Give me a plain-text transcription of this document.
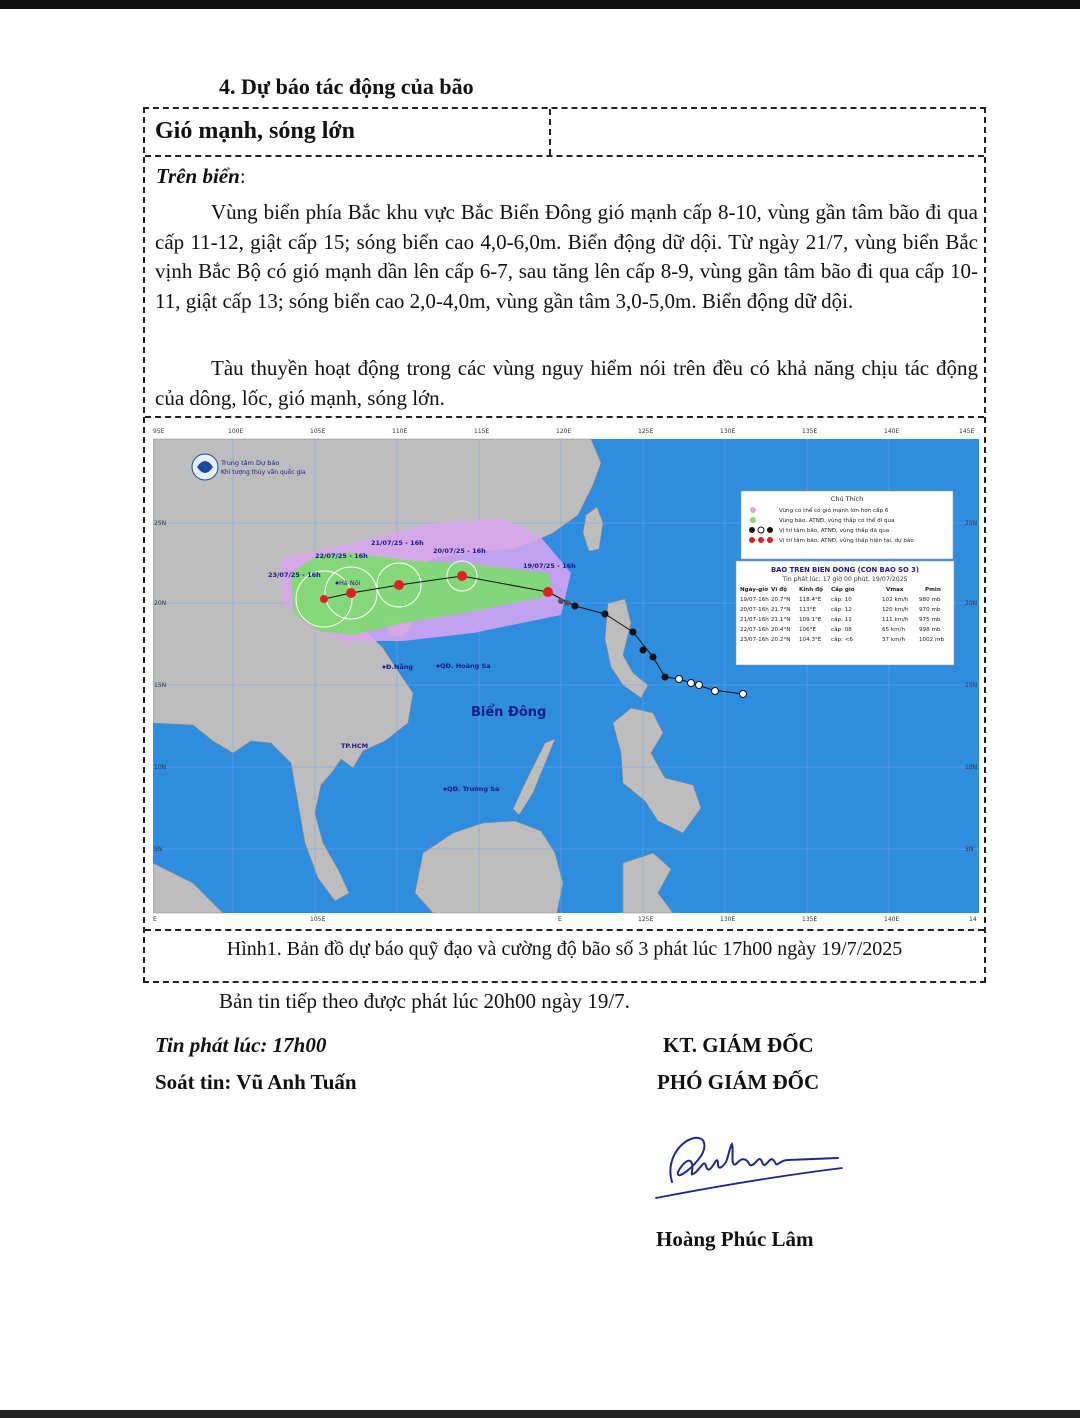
4. Dự báo tác động của bão
Gió mạnh, sóng lớn
Trên biển:
Vùng biển phía Bắc khu vực Bắc Biển Đông gió mạnh cấp 8-10, vùng gần tâm bão đi qua cấp 11-12, giật cấp 15; sóng biển cao 4,0-6,0m. Biển động dữ dội. Từ ngày 21/7, vùng biển Bắc vịnh Bắc Bộ có gió mạnh dần lên cấp 6-7, sau tăng lên cấp 8-9, vùng gần tâm bão đi qua cấp 10-11, giật cấp 13; sóng biển cao 2,0-4,0m, vùng gần tâm 3,0-5,0m. Biển động dữ dội.
Tàu thuyền hoạt động trong các vùng nguy hiểm nói trên đều có khả năng chịu tác động của dông, lốc, gió mạnh, sóng lớn.
95E	100E	105E	110E	115E	120E	125E	130E	135E	140E	145E
E	105E	E	125E	130E	135E	140E	14
25N
20N
15N
10N
5N
25N
20N
15N
10N
5N
19/07/25 - 16h
20/07/25 - 16h
21/07/25 - 16h
22/07/25 - 16h
23/07/25 - 16h
Hà Nội
Đ.Nẵng	QĐ. Hoàng Sa
TP.HCM
QĐ. Trường Sa
Biển Đông
Trung tâm Dự báo
Khí tượng thủy văn quốc gia
Chú Thích
Vùng có thể có gió mạnh lớn hơn cấp 6
Vùng bão, ATNĐ, vùng thấp có thể đi qua
Vị trí tâm bão, ATNĐ, vùng thấp đã qua
Vị trí tâm bão, ATNĐ, vùng thấp hiện tại, dự báo
BAO TREN BIEN DONG (CON BAO SO 3)
Tin phát lúc: 17 giờ 00 phút, 19/07/2025
Ngày-giờ Vĩ độ Kinh độ Cấp gió	Vmax	Pmin
19/07-16h 20.7°N 118.4°E cấp: 10	102 km/h 980 mb
20/07-16h 21.7°N 113°E	cấp: 12	120 km/h 970 mb
21/07-16h 21.1°N 109.1°E cấp: 11	111 km/h 975 mb
22/07-16h 20.4°N 106°E	cấp: 08	65 km/h 998 mb
23/07-16h 20.2°N 104.3°E cấp: <6	37 km/h 1002 mb
Hình1. Bản đồ dự báo quỹ đạo và cường độ bão số 3 phát lúc 17h00 ngày 19/7/2025
Bản tin tiếp theo được phát lúc 20h00 ngày 19/7.
Tin phát lúc: 17h00
Soát tin: Vũ Anh Tuấn
KT. GIÁM ĐỐC
PHÓ GIÁM ĐỐC
Hoàng Phúc Lâm
